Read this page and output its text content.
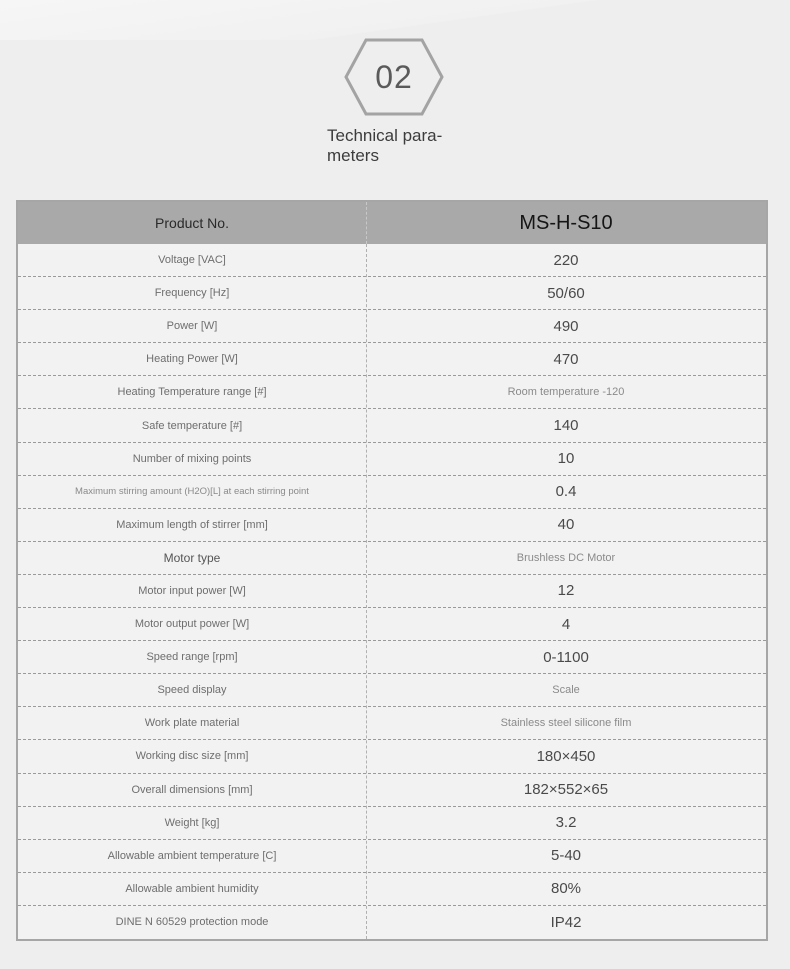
02
Technical para-
meters
Product No.	MS-H-S10
Voltage [VAC]	220
Frequency [Hz]	50/60
Power [W]	490
Heating Power [W]	470
Heating Temperature range [#]	Room temperature -120
Safe temperature [#]	140
Number of mixing points	10
Maximum stirring amount (H2O)[L] at each stirring point	0.4
Maximum length of stirrer [mm]	40
Motor type	Brushless DC Motor
Motor input power [W]	12
Motor output power [W]	4
Speed range [rpm]	0-1100
Speed display	Scale
Work plate material	Stainless steel silicone film
Working disc size [mm]	180×450
Overall dimensions [mm]	182×552×65
Weight [kg]	3.2
Allowable ambient temperature [C]	5-40
Allowable ambient humidity	80%
DINE N 60529 protection mode	IP42
